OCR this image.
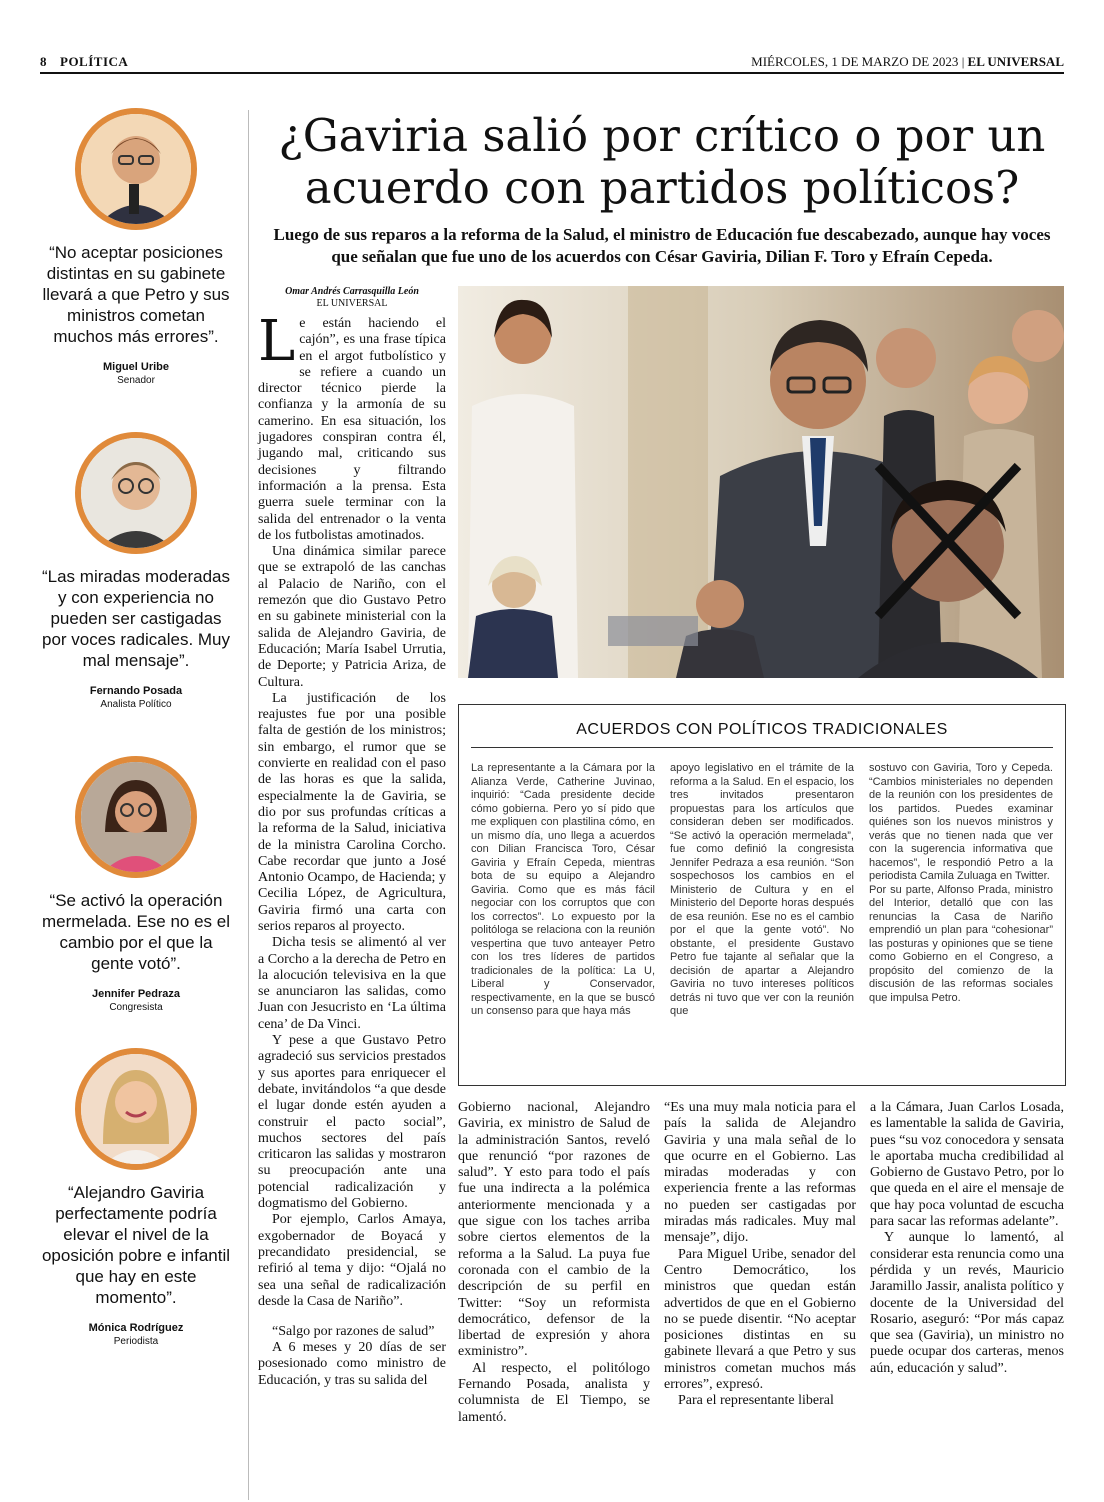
8 POLÍTICA	MIÉRCOLES, 1 DE MARZO DE 2023 | EL UNIVERSAL
“No aceptar posiciones distintas en su gabinete llevará a que Petro y sus ministros cometan muchos más errores”.
Miguel Uribe
Senador
“Las miradas moderadas y con experiencia no pueden ser castigadas por voces radicales. Muy mal mensaje”.
Fernando Posada
Analista Político
“Se activó la operación mermelada. Ese no es el cambio por el que la gente votó”.
Jennifer Pedraza
Congresista
“Alejandro Gaviria perfectamente podría elevar el nivel de la oposición pobre e infantil que hay en este momento”.
Mónica Rodríguez
Periodista
¿Gaviria salió por crítico o por un acuerdo con partidos políticos?
Luego de sus reparos a la reforma de la Salud, el ministro de Educación fue descabezado, aunque hay voces que señalan que fue uno de los acuerdos con César Gaviria, Dilian F. Toro y Efraín Cepeda.
Omar Andrés Carrasquilla León
EL UNIVERSAL
L e están haciendo el cajón”, es una frase típica en el argot futbolístico y se refiere a cuando un director técnico pierde la confianza y la armonía de su camerino. En esa situación, los jugadores conspiran contra él, jugando mal, criticando sus decisiones y filtrando información a la prensa. Esta guerra suele terminar con la salida del entrenador o la venta de los futbolistas amotinados.

Una dinámica similar parece que se extrapoló de las canchas al Palacio de Nariño, con el remezón que dio Gustavo Petro en su gabinete ministerial con la salida de Alejandro Gaviria, de Educación; María Isabel Urrutia, de Deporte; y Patricia Ariza, de Cultura.

La justificación de los reajustes fue por una posible falta de gestión de los ministros; sin embargo, el rumor que se convierte en realidad con el paso de las horas es que la salida, especialmente la de Gaviria, se dio por sus profundas críticas a la reforma de la Salud, iniciativa de la ministra Carolina Corcho. Cabe recordar que junto a José Antonio Ocampo, de Hacienda; y Cecilia López, de Agricultura, Gaviria firmó una carta con serios reparos al proyecto.

Dicha tesis se alimentó al ver a Corcho a la derecha de Petro en la alocución televisiva en la que se anunciaron las salidas, como Juan con Jesucristo en ‘La última cena’ de Da Vinci.

Y pese a que Gustavo Petro agradeció sus servicios prestados y sus aportes para enriquecer el debate, invitándolos “a que desde el lugar donde estén ayuden a construir el pacto social”, muchos sectores del país criticaron las salidas y mostraron su preocupación ante una potencial radicalización y dogmatismo del Gobierno.

Por ejemplo, Carlos Amaya, exgobernador de Boyacá y precandidato presidencial, se refirió al tema y dijo: “Ojalá no sea una señal de radicalización desde la Casa de Nariño”.

“Salgo por razones de salud”

A 6 meses y 20 días de ser posesionado como ministro de Educación, y tras su salida del

ACUERDOS CON POLÍTICOS TRADICIONALES

La representante a la Cámara por la Alianza Verde, Catherine Juvinao, inquirió: “Cada presidente decide cómo gobierna. Pero yo sí pido que me expliquen con plastilina cómo, en un mismo día, uno llega a acuerdos con Dilian Francisca Toro, César Gaviria y Efraín Cepeda, mientras bota de su equipo a Alejandro Gaviria. Como que es más fácil negociar con los corruptos que con los correctos”. Lo expuesto por la politóloga se relaciona con la reunión vespertina que tuvo anteayer Petro con los tres líderes de partidos tradicionales de la política: La U, Liberal y Conservador, respectivamente, en la que se buscó un consenso para que haya más

apoyo legislativo en el trámite de la reforma a la Salud. En el espacio, los tres invitados presentaron propuestas para los artículos que consideran deben ser modificados. “Se activó la operación mermelada”, fue como definió la congresista Jennifer Pedraza a esa reunión. “Son sospechosos los cambios en el Ministerio de Cultura y en el Ministerio del Deporte horas después de esa reunión. Ese no es el cambio por el que la gente votó”. No obstante, el presidente Gustavo Petro fue tajante al señalar que la decisión de apartar a Alejandro Gaviria no tuvo intereses políticos detrás ni tuvo que ver con la reunión que

sostuvo con Gaviria, Toro y Cepeda. “Cambios ministeriales no dependen de la reunión con los presidentes de los partidos. Puedes examinar quiénes son los nuevos ministros y verás que no tienen nada que ver con la sugerencia informativa que hacemos”, le respondió Petro a la periodista Camila Zuluaga en Twitter.

Por su parte, Alfonso Prada, ministro del Interior, detalló que con las renuncias la Casa de Nariño emprendió un plan para “cohesionar” las posturas y opiniones que se tiene como Gobierno en el Congreso, a propósito del comienzo de la discusión de las reformas sociales que impulsa Petro.

Gobierno nacional, Alejandro Gaviria, ex ministro de Salud de la administración Santos, reveló que renunció “por razones de salud”. Y esto para todo el país fue una indirecta a la polémica anteriormente mencionada y a que sigue con los taches arriba sobre ciertos elementos de la reforma a la Salud. La puya fue coronada con el cambio de la descripción de su perfil en Twitter: “Soy un reformista democrático, defensor de la libertad de expresión y ahora exministro”.

Al respecto, el politólogo Fernando Posada, analista y columnista de El Tiempo, se lamentó.

“Es una muy mala noticia para el país la salida de Alejandro Gaviria y una mala señal de lo que ocurre en el Gobierno. Las miradas moderadas y con experiencia frente a las reformas no pueden ser castigadas por miradas más radicales. Muy mal mensaje”, dijo.

Para Miguel Uribe, senador del Centro Democrático, los ministros que quedan están advertidos de que en el Gobierno no se puede disentir. “No aceptar posiciones distintas en su gabinete llevará a que Petro y sus ministros cometan muchos más errores”, expresó.

Para el representante liberal

a la Cámara, Juan Carlos Losada, es lamentable la salida de Gaviria, pues “su voz conocedora y sensata le aportaba mucha credibilidad al Gobierno de Gustavo Petro, por lo que queda en el aire el mensaje de que hay poca voluntad de escucha para sacar las reformas adelante”.

Y aunque lo lamentó, al considerar esta renuncia como una pérdida y un revés, Mauricio Jaramillo Jassir, analista político y docente de la Universidad del Rosario, aseguró: “Por más capaz que sea (Gaviria), un ministro no puede ocupar dos carteras, menos aún, educación y salud”.
